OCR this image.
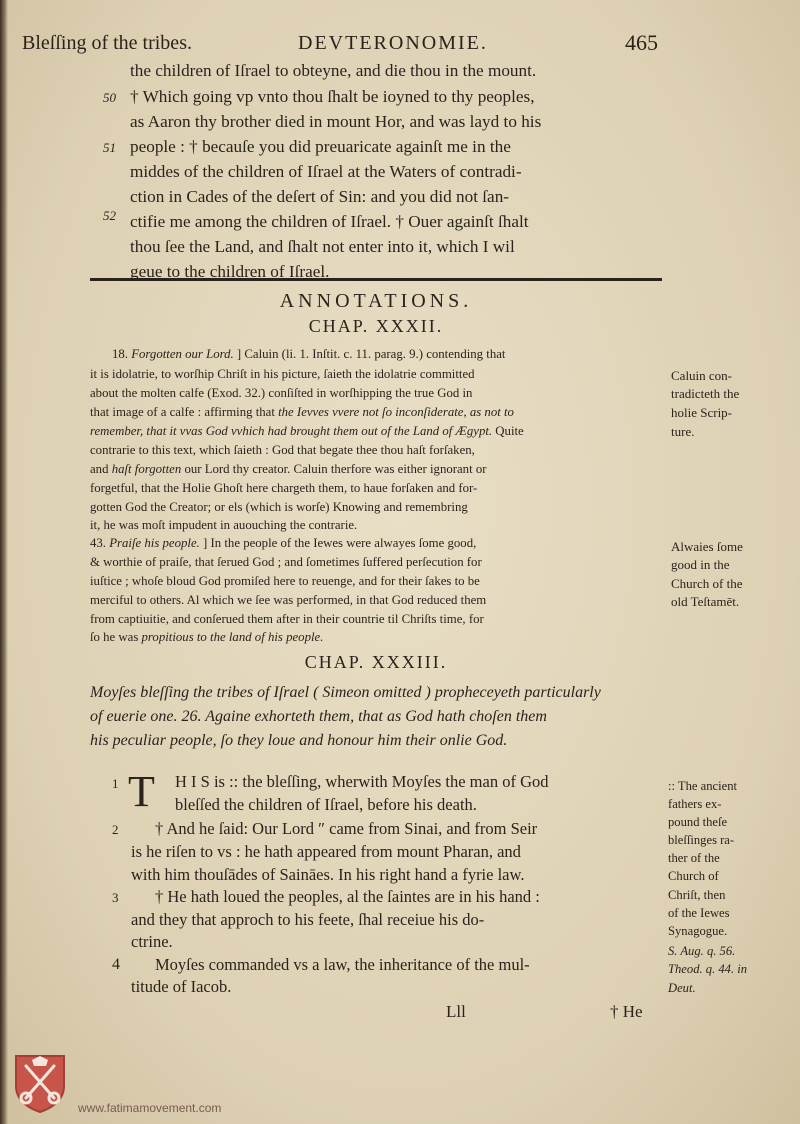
Bleſſing of the tribes.	DEVTERONOMIE.	465
the children of Iſrael to obteyne, and die thou in the mount.
† Which going vp vnto thou ſhalt be ioyned to thy peoples,
as Aaron thy brother died in mount Hor, and was layd to his
people : † becauſe you did preuaricate againſt me in the
middes of the children of Iſrael at the Waters of contradi-
ction in Cades of the deſert of Sin: and you did not ſan-
ctifie me among the children of Iſrael. † Ouer againſt ſhalt
thou ſee the Land, and ſhalt not enter into it, which I wil
geue to the children of Iſrael.
50
51
52
ANNOTATIONS.
CHAP. XXXII.
18. Forgotten our Lord. ] Caluin (li. 1. Inſtit. c. 11. parag. 9.) contending that
it is idolatrie, to worſhip Chriſt in his picture, ſaieth the idolatrie committed
about the molten calfe (Exod. 32.) conſiſted in worſhipping the true God in
that image of a calfe : affirming that the Ievves vvere not ſo inconſiderate, as not to
remember, that it vvas God vvhich had brought them out of the Land of Ægypt. Quite
contrarie to this text, which ſaieth : God that begate thee thou haſt forſaken,
and haſt forgotten our Lord thy creator. Caluin therfore was either ignorant or
forgetful, that the Holie Ghoſt here chargeth them, to haue forſaken and for-
gotten God the Creator; or els (which is worſe) Knowing and remembring
it, he was moſt impudent in auouching the contrarie.
43. Praiſe his people. ] In the people of the Iewes were alwayes ſome good,
& worthie of praiſe, that ſerued God ; and ſometimes ſuffered perſecution for
iuſtice ; whoſe bloud God promiſed here to reuenge, and for their ſakes to be
merciful to others. Al which we ſee was performed, in that God reduced them
from captiuitie, and conſerued them after in their countrie til Chriſts time, for
ſo he was propitious to the land of his people.
Caluin con-
tradicteth the
holie Scrip-
ture.
Alwaies ſome
good in the
Church of the
old Teſtamēt.
CHAP. XXXIII.
Moyſes bleſſing the tribes of Iſrael ( Simeon omitted ) propheceyeth particularly
of euerie one. 26. Againe exhorteth them, that as God hath choſen them
his peculiar people, ſo they loue and honour him their onlie God.
T H I S is :: the bleſſing, wherwith Moyſes the man of God
bleſſed the children of Iſrael, before his death.
† And he ſaid: Our Lord ″ came from Sinai, and from Seir
is he riſen to vs : he hath appeared from mount Pharan, and
with him thouſādes of Saināes. In his right hand a fyrie law.
† He hath loued the peoples, al the ſaintes are in his hand :
and they that approch to his feete, ſhal receiue his do-
ctrine.
Moyſes commanded vs a law, the inheritance of the mul-
titude of Iacob.
1
2
3
4
:: The ancient
fathers ex-
pound theſe
bleſſinges ra-
ther of the
Church of
Chriſt, then
of the Iewes
Synagogue.
S. Aug. q. 56.
Theod. q. 44. in
Deut.
Lll	† He
www.fatimamovement.com
